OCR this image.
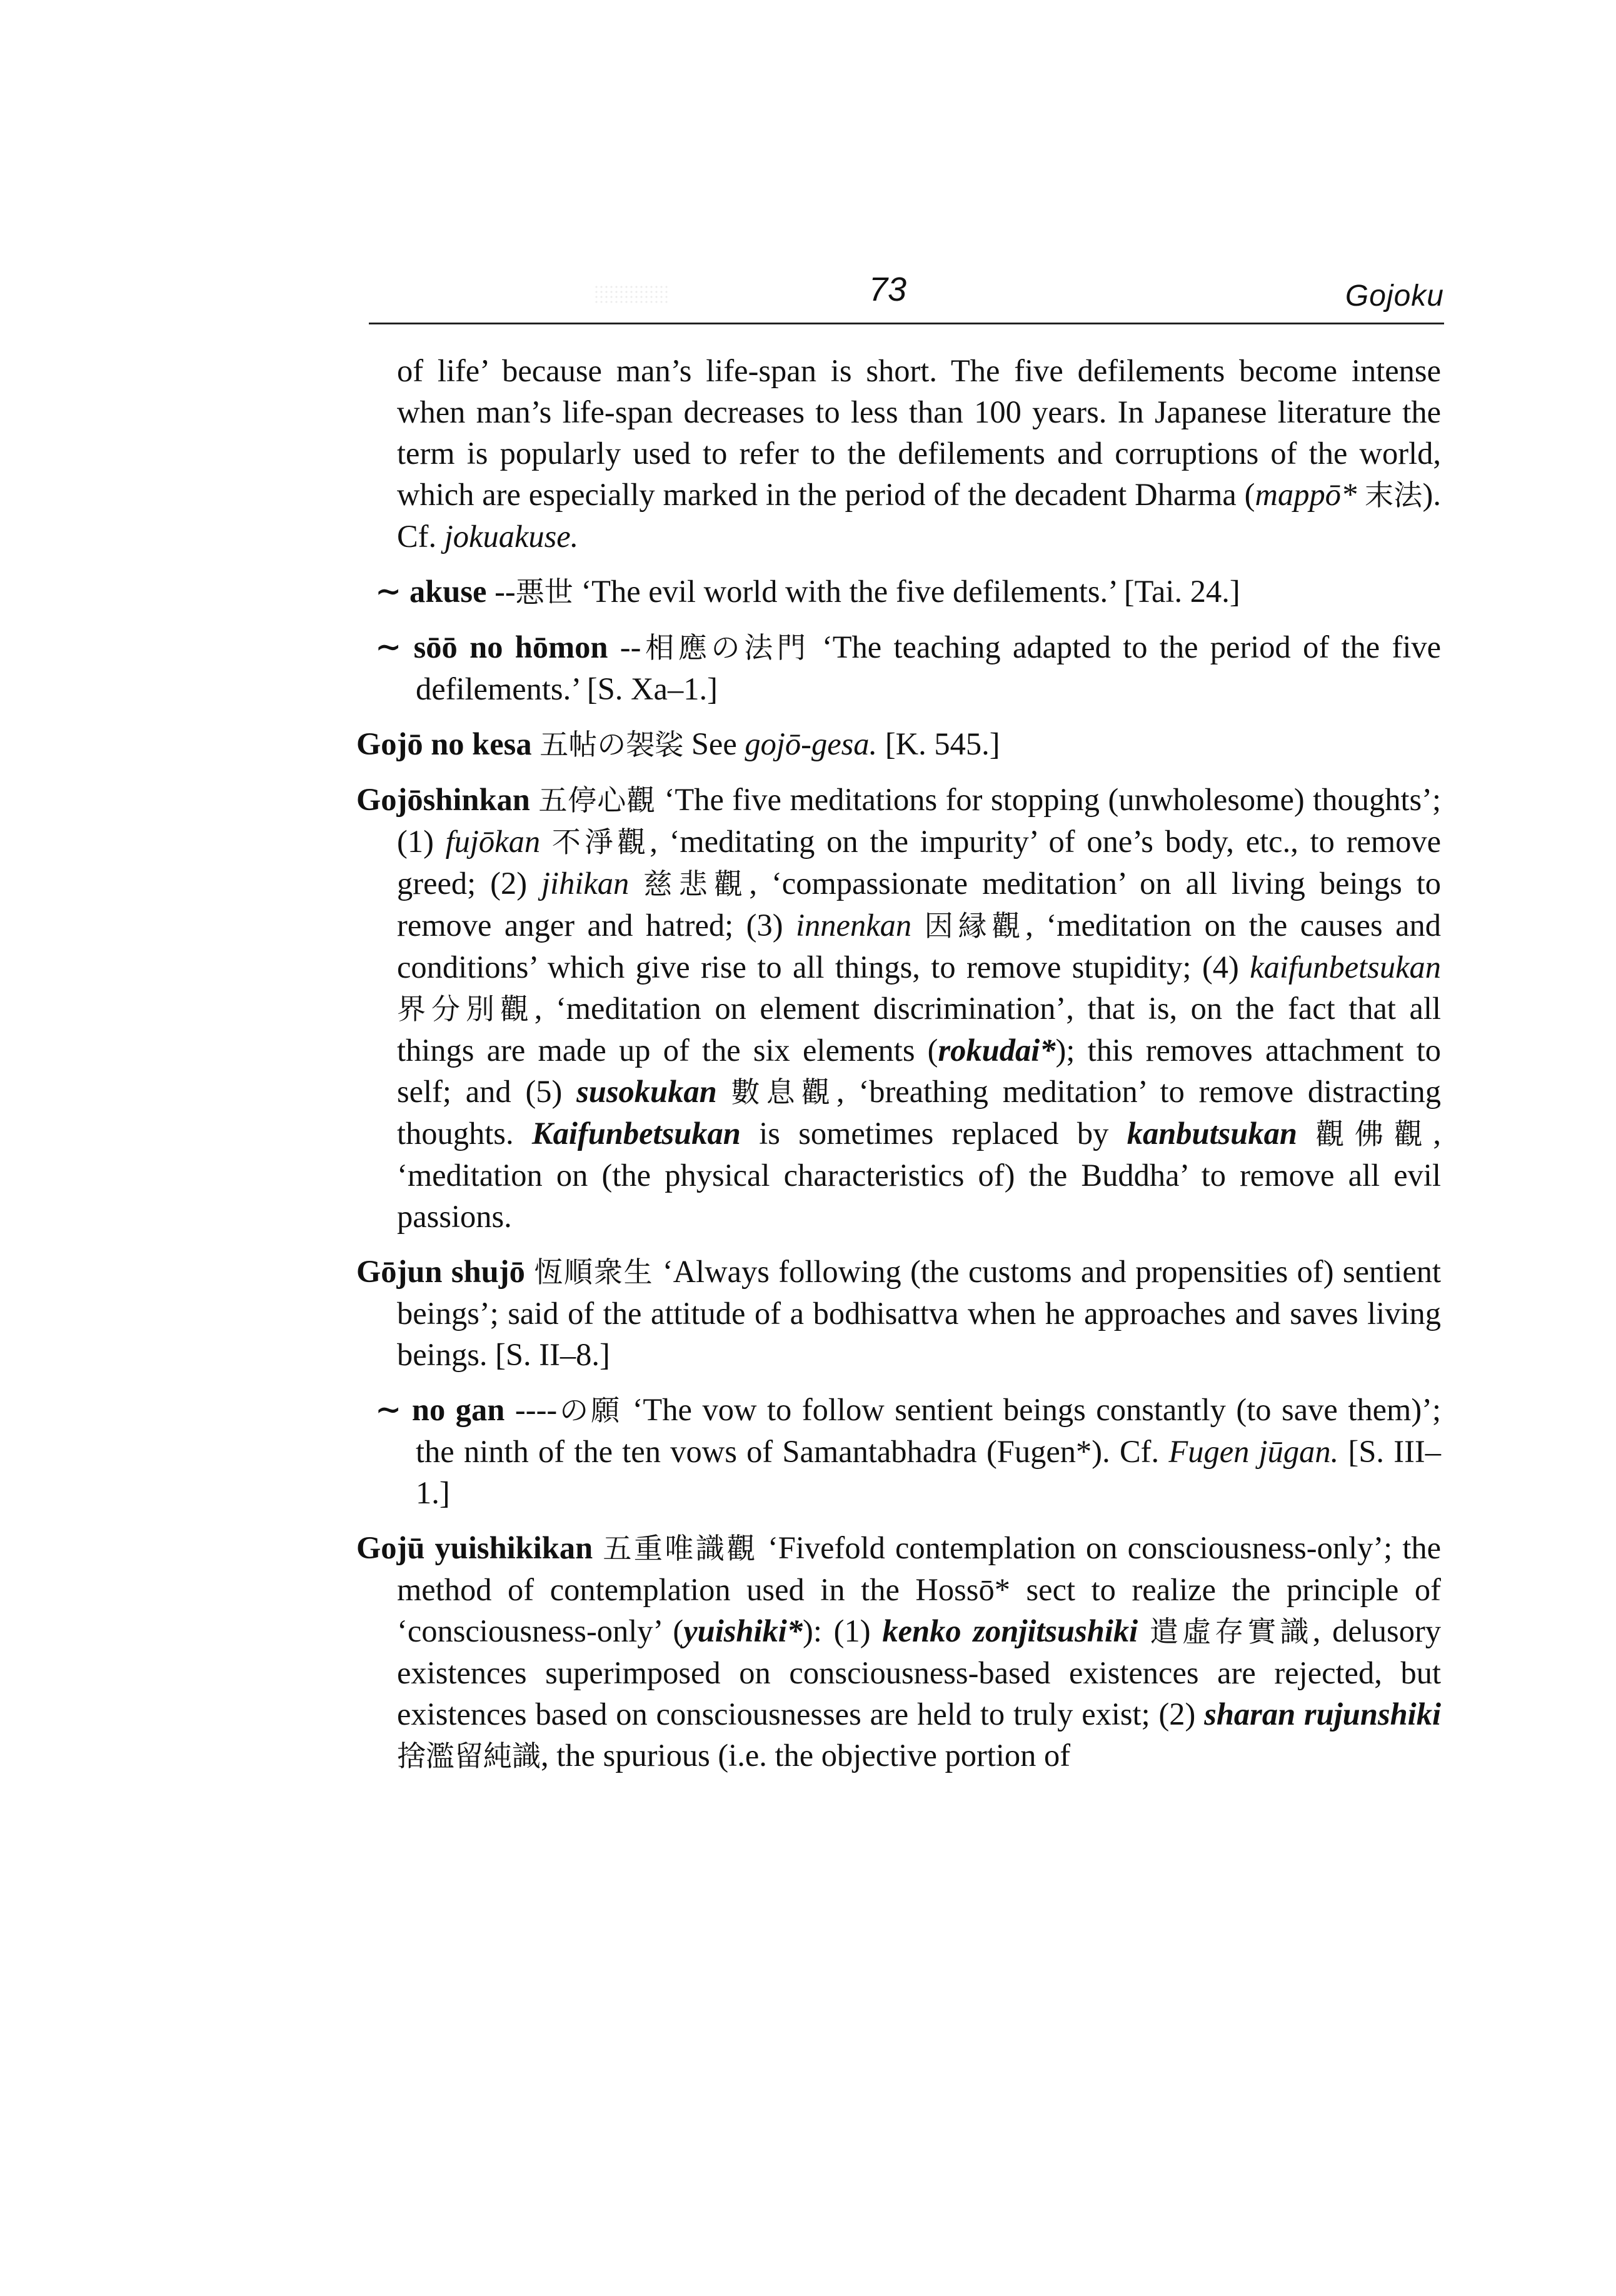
73	Gojoku

of life’ because man’s life-span is short. The five defilements become intense when man’s life-span decreases to less than 100 years. In Japanese literature the term is popularly used to refer to the defilements and corruptions of the world, which are especially marked in the period of the decadent Dharma (mappō* 末法). Cf. jokuakuse.

∼ akuse --悪世 ‘The evil world with the five defilements.’ [Tai. 24.]

∼ sōō no hōmon --相應の法門 ‘The teaching adapted to the period of the five defilements.’ [S. Xa–1.]

Gojō no kesa 五帖の袈裟 See gojō-gesa. [K. 545.]

Gojōshinkan 五停心觀 ‘The five meditations for stopping (unwholesome) thoughts’; (1) fujōkan 不淨觀, ‘meditating on the impurity’ of one’s body, etc., to remove greed; (2) jihikan 慈悲觀, ‘compassionate meditation’ on all living beings to remove anger and hatred; (3) innenkan 因縁觀, ‘meditation on the causes and conditions’ which give rise to all things, to remove stupidity; (4) kaifunbetsukan 界分別觀, ‘meditation on element discrimination’, that is, on the fact that all things are made up of the six elements (rokudai*); this removes attachment to self; and (5) susokukan 數息觀, ‘breathing meditation’ to remove distracting thoughts. Kaifunbetsukan is sometimes replaced by kanbutsukan 觀佛觀, ‘meditation on (the physical characteristics of) the Buddha’ to remove all evil passions.

Gōjun shujō 恆順衆生 ‘Always following (the customs and propensities of) sentient beings’; said of the attitude of a bodhisattva when he approaches and saves living beings. [S. II–8.]

∼ no gan ----の願 ‘The vow to follow sentient beings constantly (to save them)’; the ninth of the ten vows of Samantabhadra (Fugen*). Cf. Fugen jūgan. [S. III–1.]

Gojū yuishikikan 五重唯識觀 ‘Fivefold contemplation on consciousness-only’; the method of contemplation used in the Hossō* sect to realize the principle of ‘consciousness-only’ (yuishiki*): (1) kenko zonjitsushiki 遣虛存實識, delusory existences superimposed on consciousness-based existences are rejected, but existences based on consciousnesses are held to truly exist; (2) sharan rujunshiki 捨濫留純識, the spurious (i.e. the objective portion of
